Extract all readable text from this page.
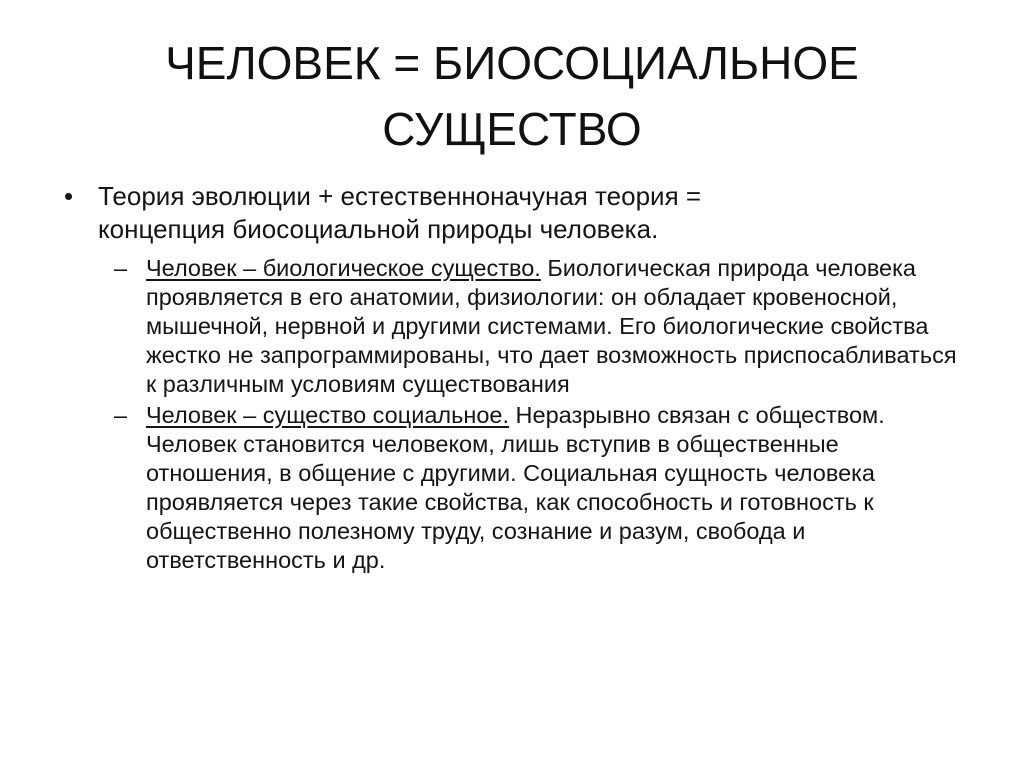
ЧЕЛОВЕК = БИОСОЦИАЛЬНОЕ
СУЩЕСТВО
• Теория эволюции + естественноначуная теория =
концепция биосоциальной природы человека.
– Человек – биологическое существо. Биологическая природа человека проявляется в его анатомии, физиологии: он обладает кровеносной, мышечной, нервной и другими системами. Его биологические свойства жестко не запрограммированы, что дает возможность приспосабливаться к различным условиям существования
– Человек – существо социальное. Неразрывно связан с обществом. Человек становится человеком, лишь вступив в общественные отношения, в общение с другими. Социальная сущность человека проявляется через такие свойства, как способность и готовность к общественно полезному труду, сознание и разум, свобода и ответственность и др.
